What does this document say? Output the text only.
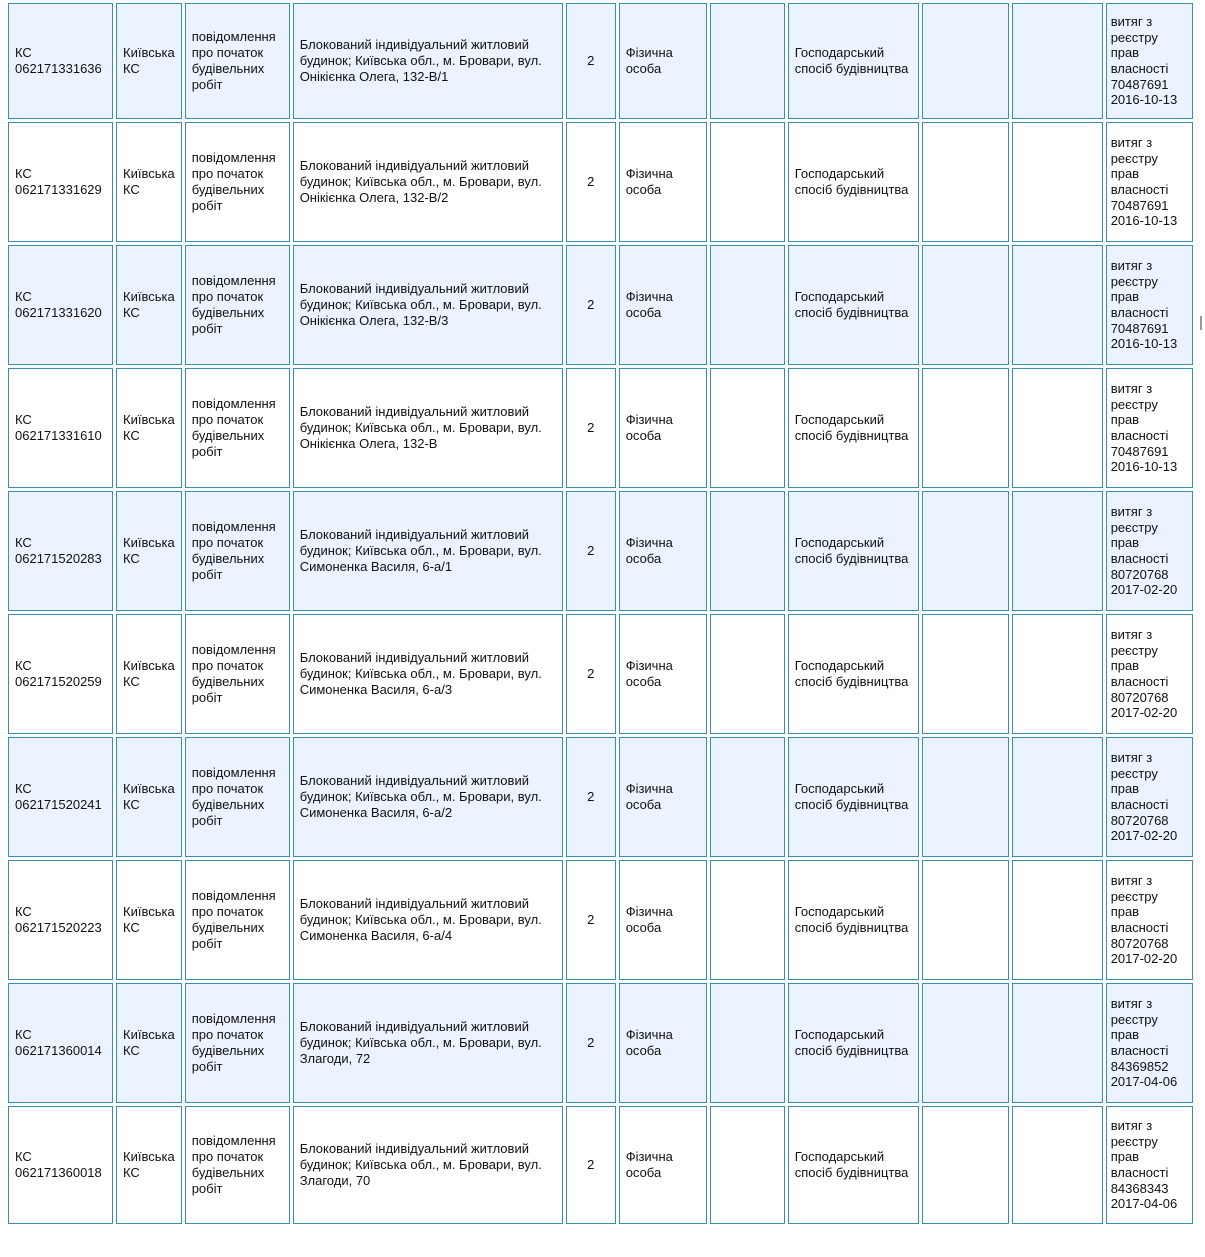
КС 062171331636	Київська КС	повідомлення про початок будівельних робіт	Блокований індивідуальний житловий будинок; Київська обл., м. Бровари, вул. Онікієнка Олега, 132-В/1	2	Фізична особа		Господарський спосіб будівництва			витяг з реєстру прав власності 70487691 2016-10-13
КС 062171331629	Київська КС	повідомлення про початок будівельних робіт	Блокований індивідуальний житловий будинок; Київська обл., м. Бровари, вул. Онікієнка Олега, 132-В/2	2	Фізична особа		Господарський спосіб будівництва			витяг з реєстру прав власності 70487691 2016-10-13
КС 062171331620	Київська КС	повідомлення про початок будівельних робіт	Блокований індивідуальний житловий будинок; Київська обл., м. Бровари, вул. Онікієнка Олега, 132-В/3	2	Фізична особа		Господарський спосіб будівництва			витяг з реєстру прав власності 70487691 2016-10-13
КС 062171331610	Київська КС	повідомлення про початок будівельних робіт	Блокований індивідуальний житловий будинок; Київська обл., м. Бровари, вул. Онікієнка Олега, 132-В	2	Фізична особа		Господарський спосіб будівництва			витяг з реєстру прав власності 70487691 2016-10-13
КС 062171520283	Київська КС	повідомлення про початок будівельних робіт	Блокований індивідуальний житловий будинок; Київська обл., м. Бровари, вул. Симоненка Василя, 6-а/1	2	Фізична особа		Господарський спосіб будівництва			витяг з реєстру прав власності 80720768 2017-02-20
КС 062171520259	Київська КС	повідомлення про початок будівельних робіт	Блокований індивідуальний житловий будинок; Київська обл., м. Бровари, вул. Симоненка Василя, 6-а/3	2	Фізична особа		Господарський спосіб будівництва			витяг з реєстру прав власності 80720768 2017-02-20
КС 062171520241	Київська КС	повідомлення про початок будівельних робіт	Блокований індивідуальний житловий будинок; Київська обл., м. Бровари, вул. Симоненка Василя, 6-а/2	2	Фізична особа		Господарський спосіб будівництва			витяг з реєстру прав власності 80720768 2017-02-20
КС 062171520223	Київська КС	повідомлення про початок будівельних робіт	Блокований індивідуальний житловий будинок; Київська обл., м. Бровари, вул. Симоненка Василя, 6-а/4	2	Фізична особа		Господарський спосіб будівництва			витяг з реєстру прав власності 80720768 2017-02-20
КС 062171360014	Київська КС	повідомлення про початок будівельних робіт	Блокований індивідуальний житловий будинок; Київська обл., м. Бровари, вул. Злагоди, 72	2	Фізична особа		Господарський спосіб будівництва			витяг з реєстру прав власності 84369852 2017-04-06
КС 062171360018	Київська КС	повідомлення про початок будівельних робіт	Блокований індивідуальний житловий будинок; Київська обл., м. Бровари, вул. Злагоди, 70	2	Фізична особа		Господарський спосіб будівництва			витяг з реєстру прав власності 84368343 2017-04-06
